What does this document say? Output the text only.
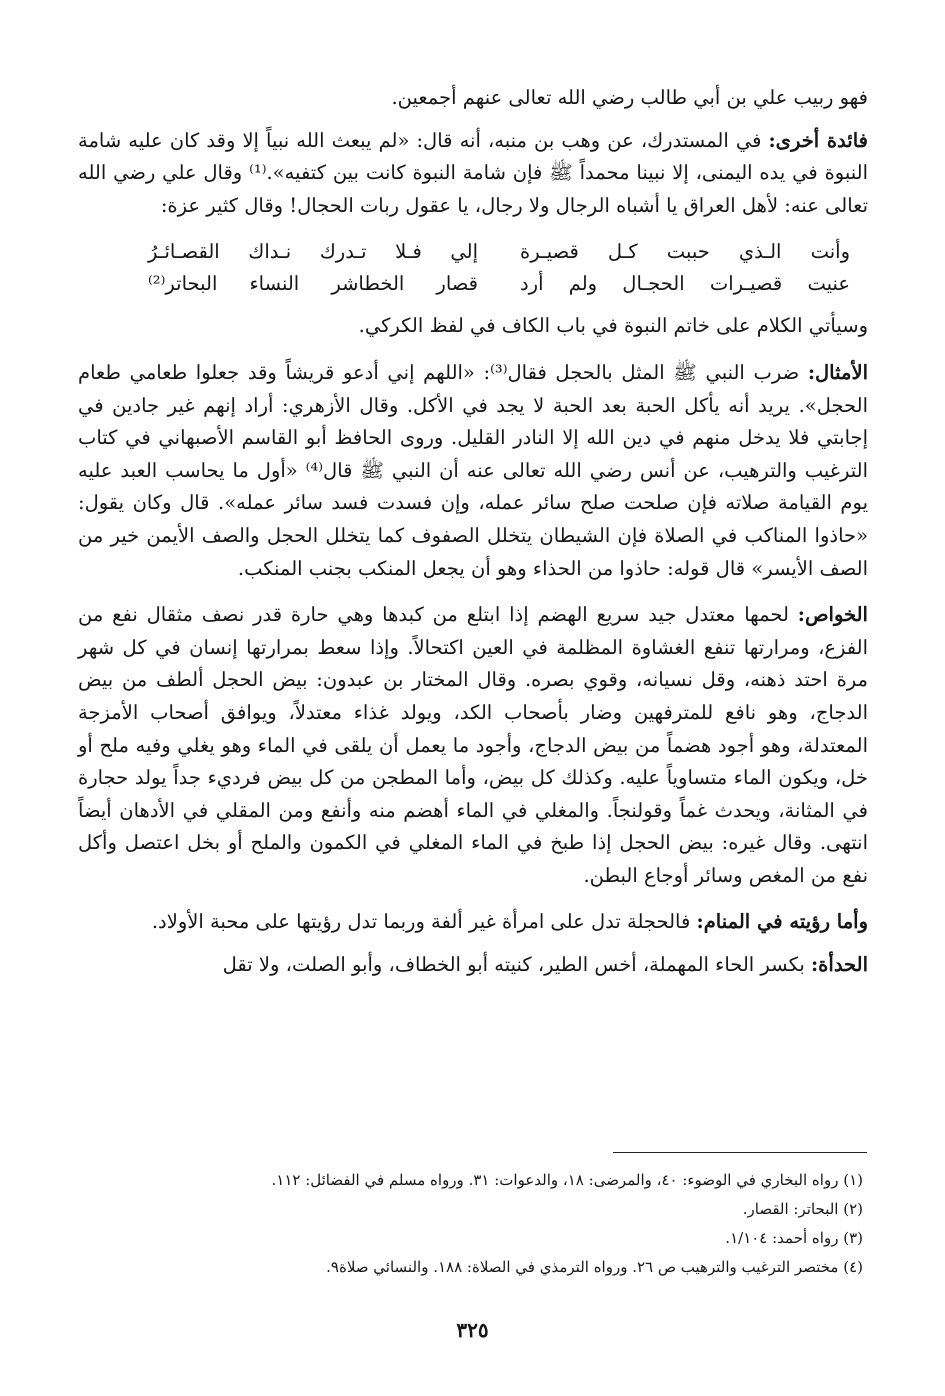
فهو ربيب علي بن أبي طالب رضي الله تعالى عنهم أجمعين.

فائدة أخرى: في المستدرك، عن وهب بن منبه، أنه قال: «لم يبعث الله نبياً إلا وقد كان عليه شامة النبوة في يده اليمنى، إلا نبينا محمداً ﷺ فإن شامة النبوة كانت بين كتفيه».⁽¹⁾ وقال علي رضي الله تعالى عنه: لأهل العراق يا أشباه الرجال ولا رجال، يا عقول ربات الحجال! وقال كثير عزة:

وأنت الـذي حببت كـل قصيـرة
إلي فـلا تـدرك نـداك القصـائـرُ
عنيت قصيـرات الحجـال ولم أرد
قصار الخطاشر النساء البحاتر⁽²⁾

وسيأتي الكلام على خاتم النبوة في باب الكاف في لفظ الكركي.

الأمثال: ضرب النبي ﷺ المثل بالحجل فقال⁽³⁾: «اللهم إني أدعو قريشاً وقد جعلوا طعامي طعام الحجل». يريد أنه يأكل الحبة بعد الحبة لا يجد في الأكل. وقال الأزهري: أراد إنهم غير جادين في إجابتي فلا يدخل منهم في دين الله إلا النادر القليل. وروى الحافظ أبو القاسم الأصبهاني في كتاب الترغيب والترهيب، عن أنس رضي الله تعالى عنه أن النبي ﷺ قال⁽⁴⁾ «أول ما يحاسب العبد عليه يوم القيامة صلاته فإن صلحت صلح سائر عمله، وإن فسدت فسد سائر عمله». قال وكان يقول: «حاذوا المناكب في الصلاة فإن الشيطان يتخلل الصفوف كما يتخلل الحجل والصف الأيمن خير من الصف الأيسر» قال قوله: حاذوا من الحذاء وهو أن يجعل المنكب بجنب المنكب.

الخواص: لحمها معتدل جيد سريع الهضم إذا ابتلع من كبدها وهي حارة قدر نصف مثقال نفع من الفزع، ومرارتها تنفع الغشاوة المظلمة في العين اكتحالاً. وإذا سعط بمرارتها إنسان في كل شهر مرة احتد ذهنه، وقل نسيانه، وقوي بصره. وقال المختار بن عبدون: بيض الحجل ألطف من بيض الدجاج، وهو نافع للمترفهين وضار بأصحاب الكد، ويولد غذاء معتدلاً، ويوافق أصحاب الأمزجة المعتدلة، وهو أجود هضماً من بيض الدجاج، وأجود ما يعمل أن يلقى في الماء وهو يغلي وفيه ملح أو خل، ويكون الماء متساوياً عليه. وكذلك كل بيض، وأما المطجن من كل بيض فرديء جداً يولد حجارة في المثانة، ويحدث غماً وقولنجاً. والمغلي في الماء أهضم منه وأنفع ومن المقلي في الأدهان أيضاً انتهى. وقال غيره: بيض الحجل إذا طبخ في الماء المغلي في الكمون والملح أو بخل اعتصل وأكل نفع من المغص وسائر أوجاع البطن.

وأما رؤيته في المنام: فالحجلة تدل على امرأة غير ألفة وربما تدل رؤيتها على محبة الأولاد.

الحدأة: بكسر الحاء المهملة، أخس الطير، كنيته أبو الخطاف، وأبو الصلت، ولا تقل

(١) رواه البخاري في الوضوء: ٤٠، والمرضى: ١٨، والدعوات: ٣١. ورواه مسلم في الفضائل: ١١٢.

(٢) البحاتر: القصار.

(٣) رواه أحمد: ١/١٠٤.

(٤) مختصر الترغيب والترهيب ص ٢٦. ورواه الترمذي في الصلاة: ١٨٨. والنسائي صلاة٩.

٣٢٥
